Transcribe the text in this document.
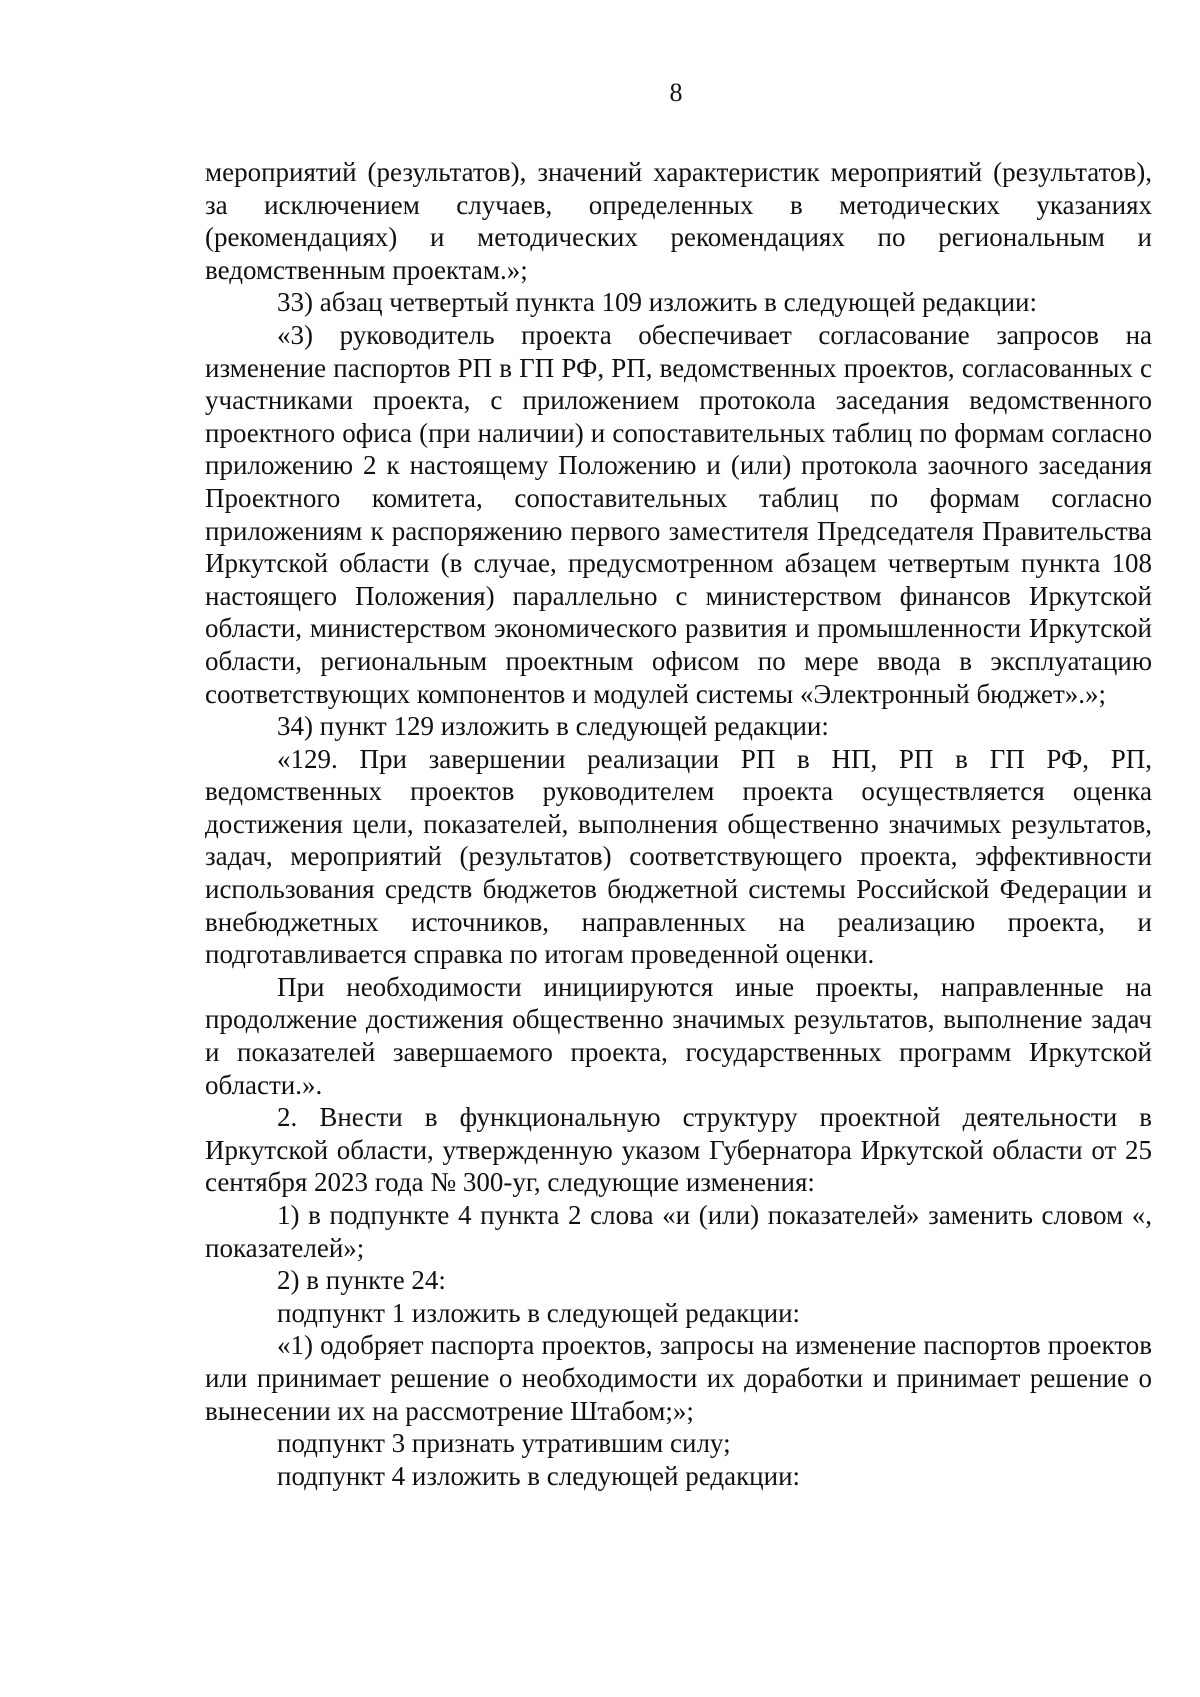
8

мероприятий (результатов), значений характеристик мероприятий (результатов), за исключением случаев, определенных в методических указаниях (рекомендациях) и методических рекомендациях по региональным и ведомственным проектам.»;

33) абзац четвертый пункта 109 изложить в следующей редакции:

«3) руководитель проекта обеспечивает согласование запросов на изменение паспортов РП в ГП РФ, РП, ведомственных проектов, согласованных с участниками проекта, с приложением протокола заседания ведомственного проектного офиса (при наличии) и сопоставительных таблиц по формам согласно приложению 2 к настоящему Положению и (или) протокола заочного заседания Проектного комитета, сопоставительных таблиц по формам согласно приложениям к распоряжению первого заместителя Председателя Правительства Иркутской области (в случае, предусмотренном абзацем четвертым пункта 108 настоящего Положения) параллельно с министерством финансов Иркутской области, министерством экономического развития и промышленности Иркутской области, региональным проектным офисом по мере ввода в эксплуатацию соответствующих компонентов и модулей системы «Электронный бюджет».»;

34) пункт 129 изложить в следующей редакции:

«129. При завершении реализации РП в НП, РП в ГП РФ, РП, ведомственных проектов руководителем проекта осуществляется оценка достижения цели, показателей, выполнения общественно значимых результатов, задач, мероприятий (результатов) соответствующего проекта, эффективности использования средств бюджетов бюджетной системы Российской Федерации и внебюджетных источников, направленных на реализацию проекта, и подготавливается справка по итогам проведенной оценки.

При необходимости инициируются иные проекты, направленные на продолжение достижения общественно значимых результатов, выполнение задач и показателей завершаемого проекта, государственных программ Иркутской области.».

2. Внести в функциональную структуру проектной деятельности в Иркутской области, утвержденную указом Губернатора Иркутской области от 25 сентября 2023 года № 300-уг, следующие изменения:

1) в подпункте 4 пункта 2 слова «и (или) показателей» заменить словом «, показателей»;

2) в пункте 24:

подпункт 1 изложить в следующей редакции:

«1) одобряет паспорта проектов, запросы на изменение паспортов проектов или принимает решение о необходимости их доработки и принимает решение о вынесении их на рассмотрение Штабом;»;

подпункт 3 признать утратившим силу;

подпункт 4 изложить в следующей редакции:
